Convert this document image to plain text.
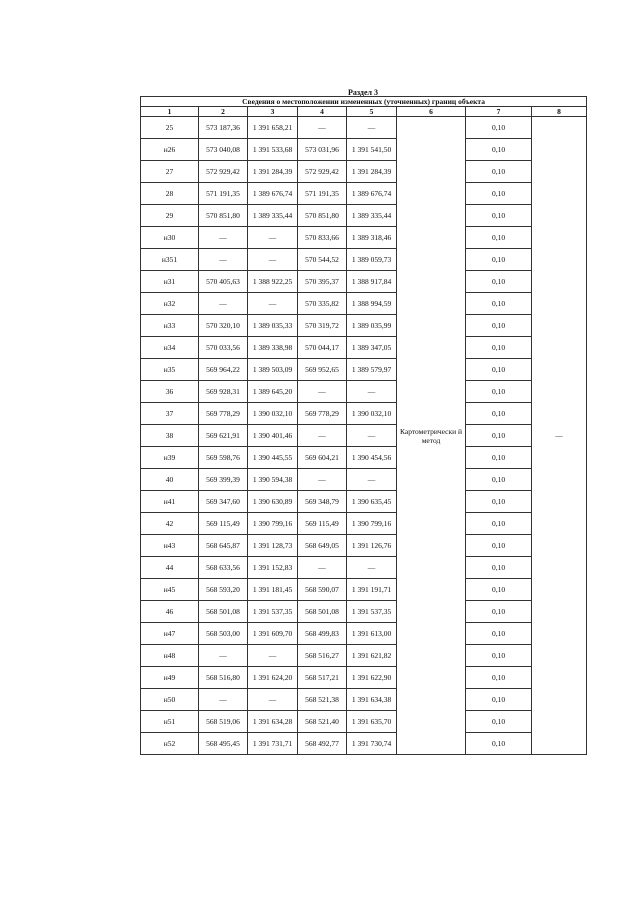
Раздел 3
Сведения о местоположении измененных (уточненных) границ объекта							
1	2	3	4	5	6	7	8
25	573 187,36	1 391 658,21	—	—	Картометрически й метод	0,10	—
н26	573 040,08	1 391 533,68	573 031,96	1 391 541,50		0,10	
27	572 929,42	1 391 284,39	572 929,42	1 391 284,39		0,10	
28	571 191,35	1 389 676,74	571 191,35	1 389 676,74		0,10	
29	570 851,80	1 389 335,44	570 851,80	1 389 335,44		0,10	
н30	—	—	570 833,66	1 389 318,46		0,10	
н351	—	—	570 544,52	1 389 059,73		0,10	
н31	570 405,63	1 388 922,25	570 395,37	1 388 917,84		0,10	
н32	—	—	570 335,82	1 388 994,59		0,10	
н33	570 320,10	1 389 035,33	570 319,72	1 389 035,99		0,10	
н34	570 033,56	1 389 338,98	570 044,17	1 389 347,05		0,10	
н35	569 964,22	1 389 503,09	569 952,65	1 389 579,97		0,10	
36	569 928,31	1 389 645,20	—	—		0,10	
37	569 778,29	1 390 032,10	569 778,29	1 390 032,10		0,10	
38	569 621,91	1 390 401,46	—	—		0,10	
н39	569 598,76	1 390 445,55	569 604,21	1 390 454,56		0,10	
40	569 399,39	1 390 594,38	—	—		0,10	
н41	569 347,60	1 390 630,89	569 348,79	1 390 635,45		0,10	
42	569 115,49	1 390 799,16	569 115,49	1 390 799,16		0,10	
н43	568 645,87	1 391 128,73	568 649,05	1 391 126,76		0,10	
44	568 633,56	1 391 152,83	—	—		0,10	
н45	568 593,20	1 391 181,45	568 590,07	1 391 191,71		0,10	
46	568 501,08	1 391 537,35	568 501,08	1 391 537,35		0,10	
н47	568 503,00	1 391 609,70	568 499,83	1 391 613,00		0,10	
н48	—	—	568 516,27	1 391 621,82		0,10	
н49	568 516,80	1 391 624,20	568 517,21	1 391 622,90		0,10	
н50	—	—	568 521,38	1 391 634,38		0,10	
н51	568 519,06	1 391 634,28	568 521,40	1 391 635,70		0,10	
н52	568 495,45	1 391 731,71	568 492,77	1 391 730,74		0,10	
